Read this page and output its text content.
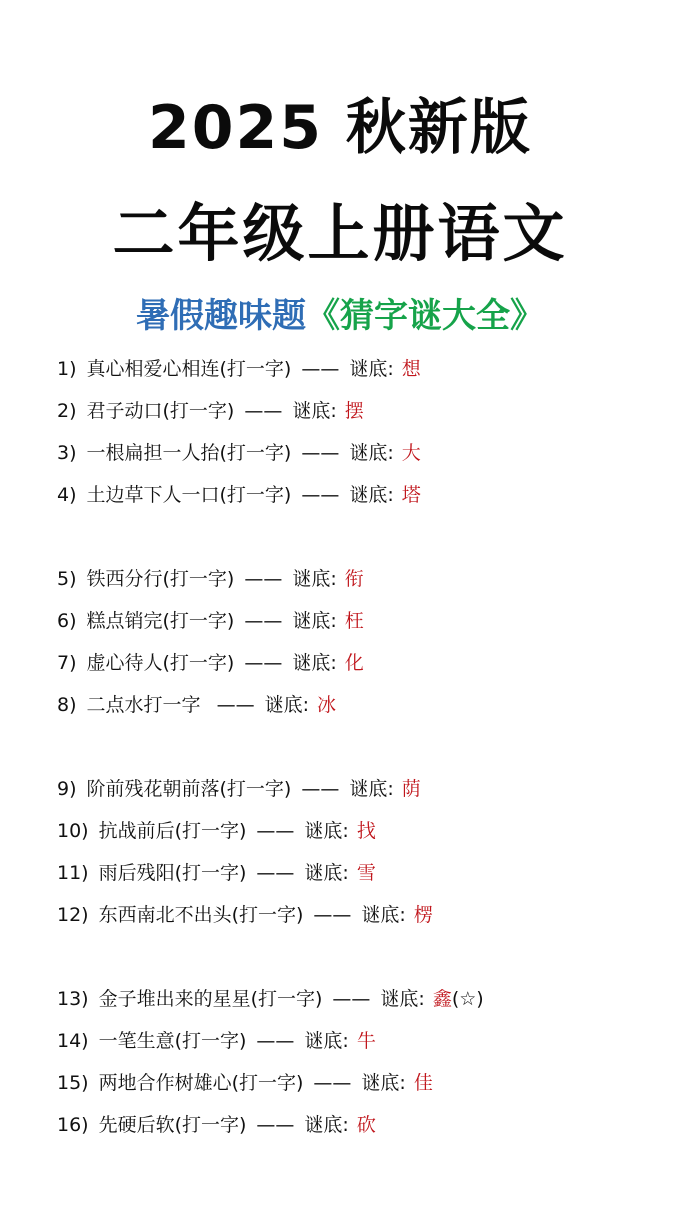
2025 秋新版
二年级上册语文
暑假趣味题《猜字谜大全》
1) 真心相爱心相连(打一字) —— 谜底: 想
2) 君子动口(打一字) —— 谜底: 摆
3) 一根扁担一人抬(打一字) —— 谜底: 大
4) 土边草下人一口(打一字) —— 谜底: 塔
5) 铁西分行(打一字) —— 谜底: 衔
6) 糕点销完(打一字) —— 谜底: 枉
7) 虚心待人(打一字) —— 谜底: 化
8) 二点水打一字 —— 谜底: 冰
9) 阶前残花朝前落(打一字) —— 谜底: 荫
10) 抗战前后(打一字) —— 谜底: 找
11) 雨后残阳(打一字) —— 谜底: 雪
12) 东西南北不出头(打一字) —— 谜底: 楞
13) 金子堆出来的星星(打一字) —— 谜底: 鑫(☆)
14) 一笔生意(打一字) —— 谜底: 牛
15) 两地合作树雄心(打一字) —— 谜底: 佳
16) 先硬后软(打一字) —— 谜底: 砍
